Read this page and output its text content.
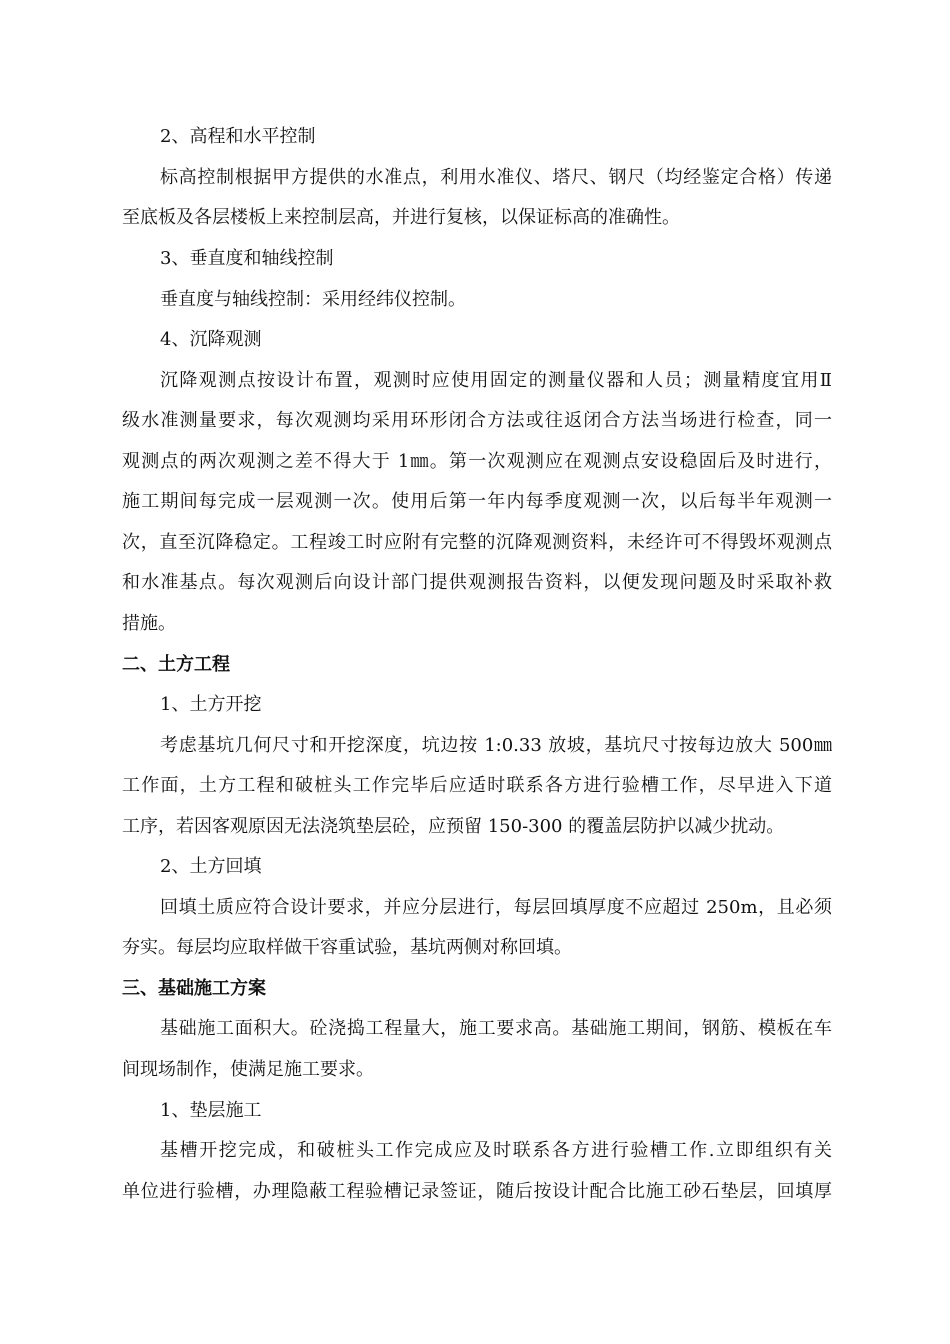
2、高程和水平控制
标高控制根据甲方提供的水准点，利用水准仪、塔尺、钢尺（均经鉴定合格）传递
至底板及各层楼板上来控制层高，并进行复核，以保证标高的准确性。
3、垂直度和轴线控制
垂直度与轴线控制：采用经纬仪控制。
4、沉降观测
沉降观测点按设计布置，观测时应使用固定的测量仪器和人员；测量精度宜用Ⅱ
级水准测量要求，每次观测均采用环形闭合方法或往返闭合方法当场进行检查，同一
观测点的两次观测之差不得大于 1㎜。第一次观测应在观测点安设稳固后及时进行，
施工期间每完成一层观测一次。使用后第一年内每季度观测一次，以后每半年观测一
次，直至沉降稳定。工程竣工时应附有完整的沉降观测资料，未经许可不得毁坏观测点
和水准基点。每次观测后向设计部门提供观测报告资料，以便发现问题及时采取补救
措施。
二、土方工程
1、土方开挖
考虑基坑几何尺寸和开挖深度，坑边按 1:0.33 放坡，基坑尺寸按每边放大 500㎜
工作面，土方工程和破桩头工作完毕后应适时联系各方进行验槽工作，尽早进入下道
工序，若因客观原因无法浇筑垫层砼，应预留 150-300 的覆盖层防护以减少扰动。
2、土方回填
回填土质应符合设计要求，并应分层进行，每层回填厚度不应超过 250m，且必须
夯实。每层均应取样做干容重试验，基坑两侧对称回填。
三、基础施工方案
基础施工面积大。砼浇捣工程量大，施工要求高。基础施工期间，钢筋、模板在车
间现场制作，使满足施工要求。
1、垫层施工
基槽开挖完成，和破桩头工作完成应及时联系各方进行验槽工作.立即组织有关
单位进行验槽，办理隐蔽工程验槽记录签证，随后按设计配合比施工砂石垫层，回填厚
